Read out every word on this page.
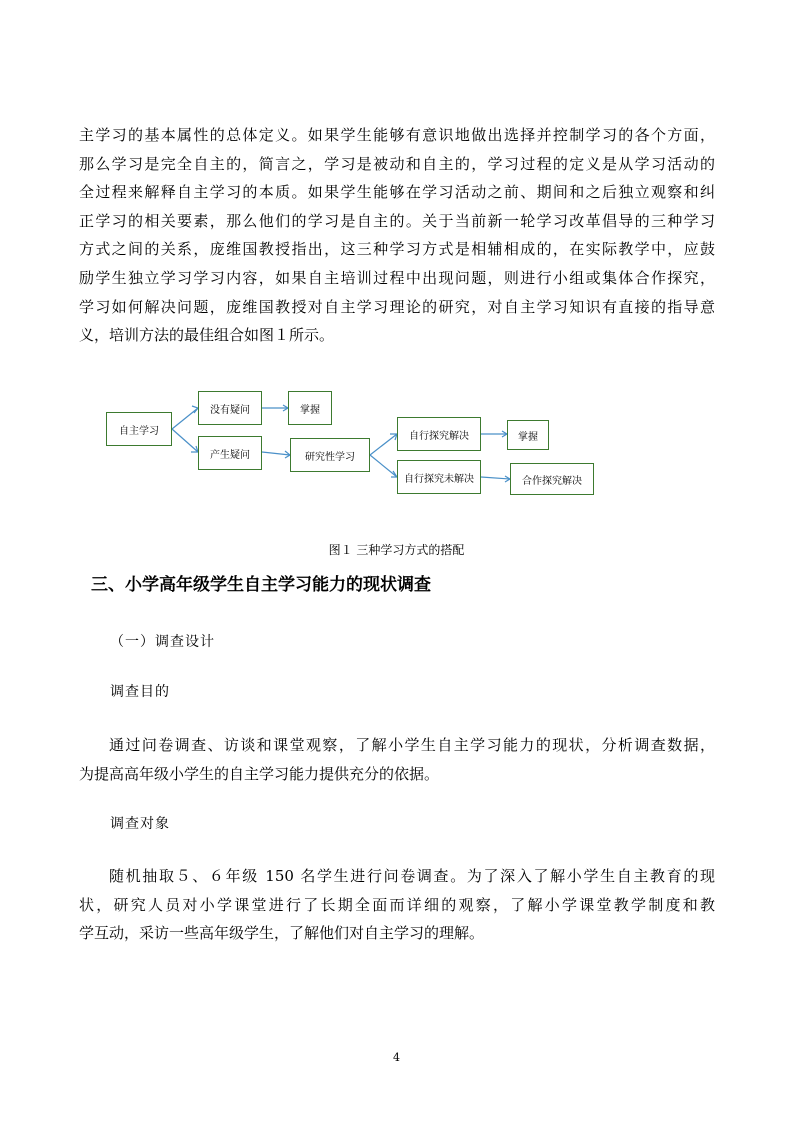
主学习的基本属性的总体定义。如果学生能够有意识地做出选择并控制学习的各个方面，
那么学习是完全自主的，简言之，学习是被动和自主的，学习过程的定义是从学习活动的
全过程来解释自主学习的本质。如果学生能够在学习活动之前、期间和之后独立观察和纠
正学习的相关要素，那么他们的学习是自主的。关于当前新一轮学习改革倡导的三种学习
方式之间的关系，庞维国教授指出，这三种学习方式是相辅相成的，在实际教学中，应鼓
励学生独立学习学习内容，如果自主培训过程中出现问题，则进行小组或集体合作探究，
学习如何解决问题，庞维国教授对自主学习理论的研究，对自主学习知识有直接的指导意
义，培训方法的最佳组合如图１所示。
自主学习
没有疑问	掌握
产生疑问	研究性学习
自行探究解决	掌握
自行探究未解决	合作探究解决
图１ 三种学习方式的搭配
三、小学高年级学生自主学习能力的现状调查

（一）调查设计

调查目的

通过问卷调查、访谈和课堂观察，了解小学生自主学习能力的现状，分析调查数据，
为提高高年级小学生的自主学习能力提供充分的依据。

调查对象

随机抽取５、６年级 150 名学生进行问卷调查。为了深入了解小学生自主教育的现
状，研究人员对小学课堂进行了长期全面而详细的观察，了解小学课堂教学制度和教
学互动，采访一些高年级学生，了解他们对自主学习的理解。
4
